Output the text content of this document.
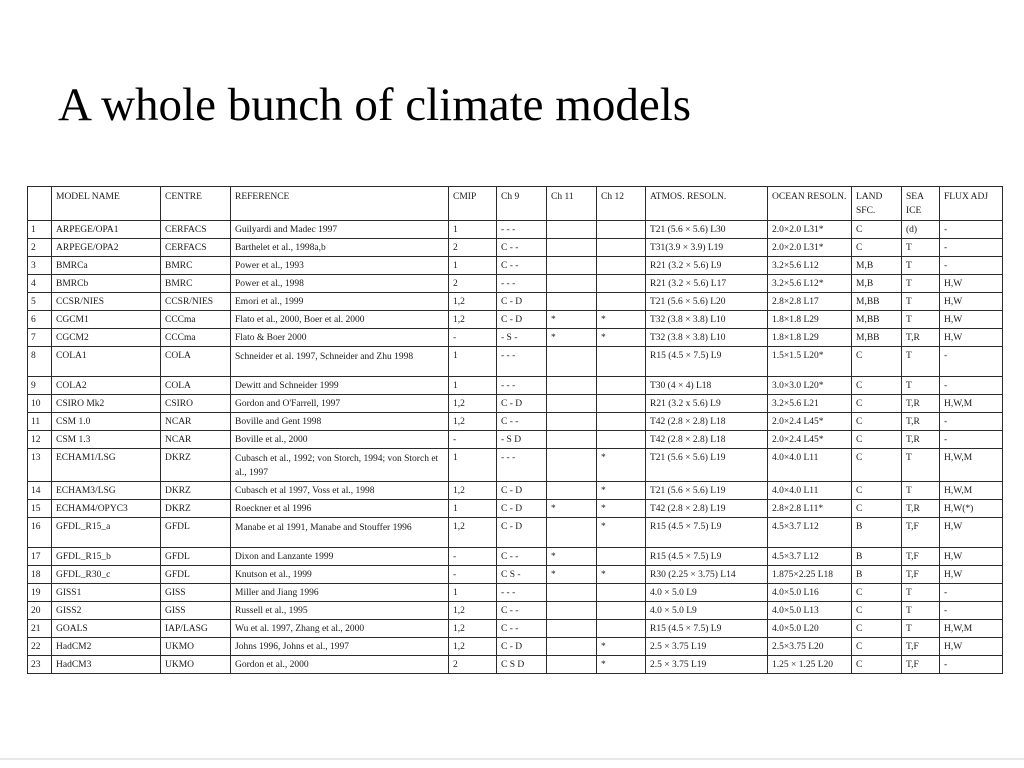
A whole bunch of climate models
	MODEL NAME	CENTRE	REFERENCE	CMIP	Ch 9	Ch 11	Ch 12	ATMOS. RESOLN.	OCEAN RESOLN.	LAND SFC.	SEA ICE	FLUX ADJ
1	ARPEGE/OPA1	CERFACS	Guilyardi and Madec 1997	1	- - -			T21 (5.6 × 5.6) L30	2.0×2.0 L31*	C	(d)	-
2	ARPEGE/OPA2	CERFACS	Barthelet et al., 1998a,b	2	C - -			T31(3.9 × 3.9) L19	2.0×2.0 L31*	C	T	-
3	BMRCa	BMRC	Power et al., 1993	1	C - -			R21 (3.2 × 5.6) L9	3.2×5.6 L12	M,B	T	-
4	BMRCb	BMRC	Power et al., 1998	2	- - -			R21 (3.2 × 5.6) L17	3.2×5.6 L12*	M,B	T	H,W
5	CCSR/NIES	CCSR/NIES	Emori et al., 1999	1,2	C - D			T21 (5.6 × 5.6) L20	2.8×2.8 L17	M,BB	T	H,W
6	CGCM1	CCCma	Flato et al., 2000, Boer et al. 2000	1,2	C - D	*	*	T32 (3.8 × 3.8) L10	1.8×1.8 L29	M,BB	T	H,W
7	CGCM2	CCCma	Flato & Boer 2000	-	- S -	*	*	T32 (3.8 × 3.8) L10	1.8×1.8 L29	M,BB	T,R	H,W
8	COLA1	COLA	Schneider et al. 1997, Schneider and Zhu 1998	1	- - -			R15 (4.5 × 7.5) L9	1.5×1.5 L20*	C	T	-
9	COLA2	COLA	Dewitt and Schneider 1999	1	- - -			T30 (4 × 4) L18	3.0×3.0 L20*	C	T	-
10	CSIRO Mk2	CSIRO	Gordon and O'Farrell, 1997	1,2	C - D			R21 (3.2 x 5.6) L9	3.2×5.6 L21	C	T,R	H,W,M
11	CSM 1.0	NCAR	Boville and Gent 1998	1,2	C - -			T42 (2.8 × 2.8) L18	2.0×2.4 L45*	C	T,R	-
12	CSM 1.3	NCAR	Boville et al., 2000	-	- S D			T42 (2.8 × 2.8) L18	2.0×2.4 L45*	C	T,R	-
13	ECHAM1/LSG	DKRZ	Cubasch et al., 1992; von Storch, 1994; von Storch et al., 1997	1	- - -		*	T21 (5.6 × 5.6) L19	4.0×4.0 L11	C	T	H,W,M
14	ECHAM3/LSG	DKRZ	Cubasch et al 1997, Voss et al., 1998	1,2	C - D		*	T21 (5.6 × 5.6) L19	4.0×4.0 L11	C	T	H,W,M
15	ECHAM4/OPYC3	DKRZ	Roeckner et al 1996	1	C - D	*	*	T42 (2.8 × 2.8) L19	2.8×2.8 L11*	C	T,R	H,W(*)
16	GFDL_R15_a	GFDL	Manabe et al 1991, Manabe and Stouffer 1996	1,2	C - D		*	R15 (4.5 × 7.5) L9	4.5×3.7 L12	B	T,F	H,W
17	GFDL_R15_b	GFDL	Dixon and Lanzante 1999	-	C - -	*		R15 (4.5 × 7.5) L9	4.5×3.7 L12	B	T,F	H,W
18	GFDL_R30_c	GFDL	Knutson et al., 1999	-	C S -	*	*	R30 (2.25 × 3.75) L14	1.875×2.25 L18	B	T,F	H,W
19	GISS1	GISS	Miller and Jiang 1996	1	- - -			4.0 × 5.0 L9	4.0×5.0 L16	C	T	-
20	GISS2	GISS	Russell et al., 1995	1,2	C - -			4.0 × 5.0 L9	4.0×5.0 L13	C	T	-
21	GOALS	IAP/LASG	Wu et al. 1997, Zhang et al., 2000	1,2	C - -			R15 (4.5 × 7.5) L9	4.0×5.0 L20	C	T	H,W,M
22	HadCM2	UKMO	Johns 1996, Johns et al., 1997	1,2	C - D		*	2.5 × 3.75 L19	2.5×3.75 L20	C	T,F	H,W
23	HadCM3	UKMO	Gordon et al., 2000	2	C S D		*	2.5 × 3.75 L19	1.25 × 1.25 L20	C	T,F	-
